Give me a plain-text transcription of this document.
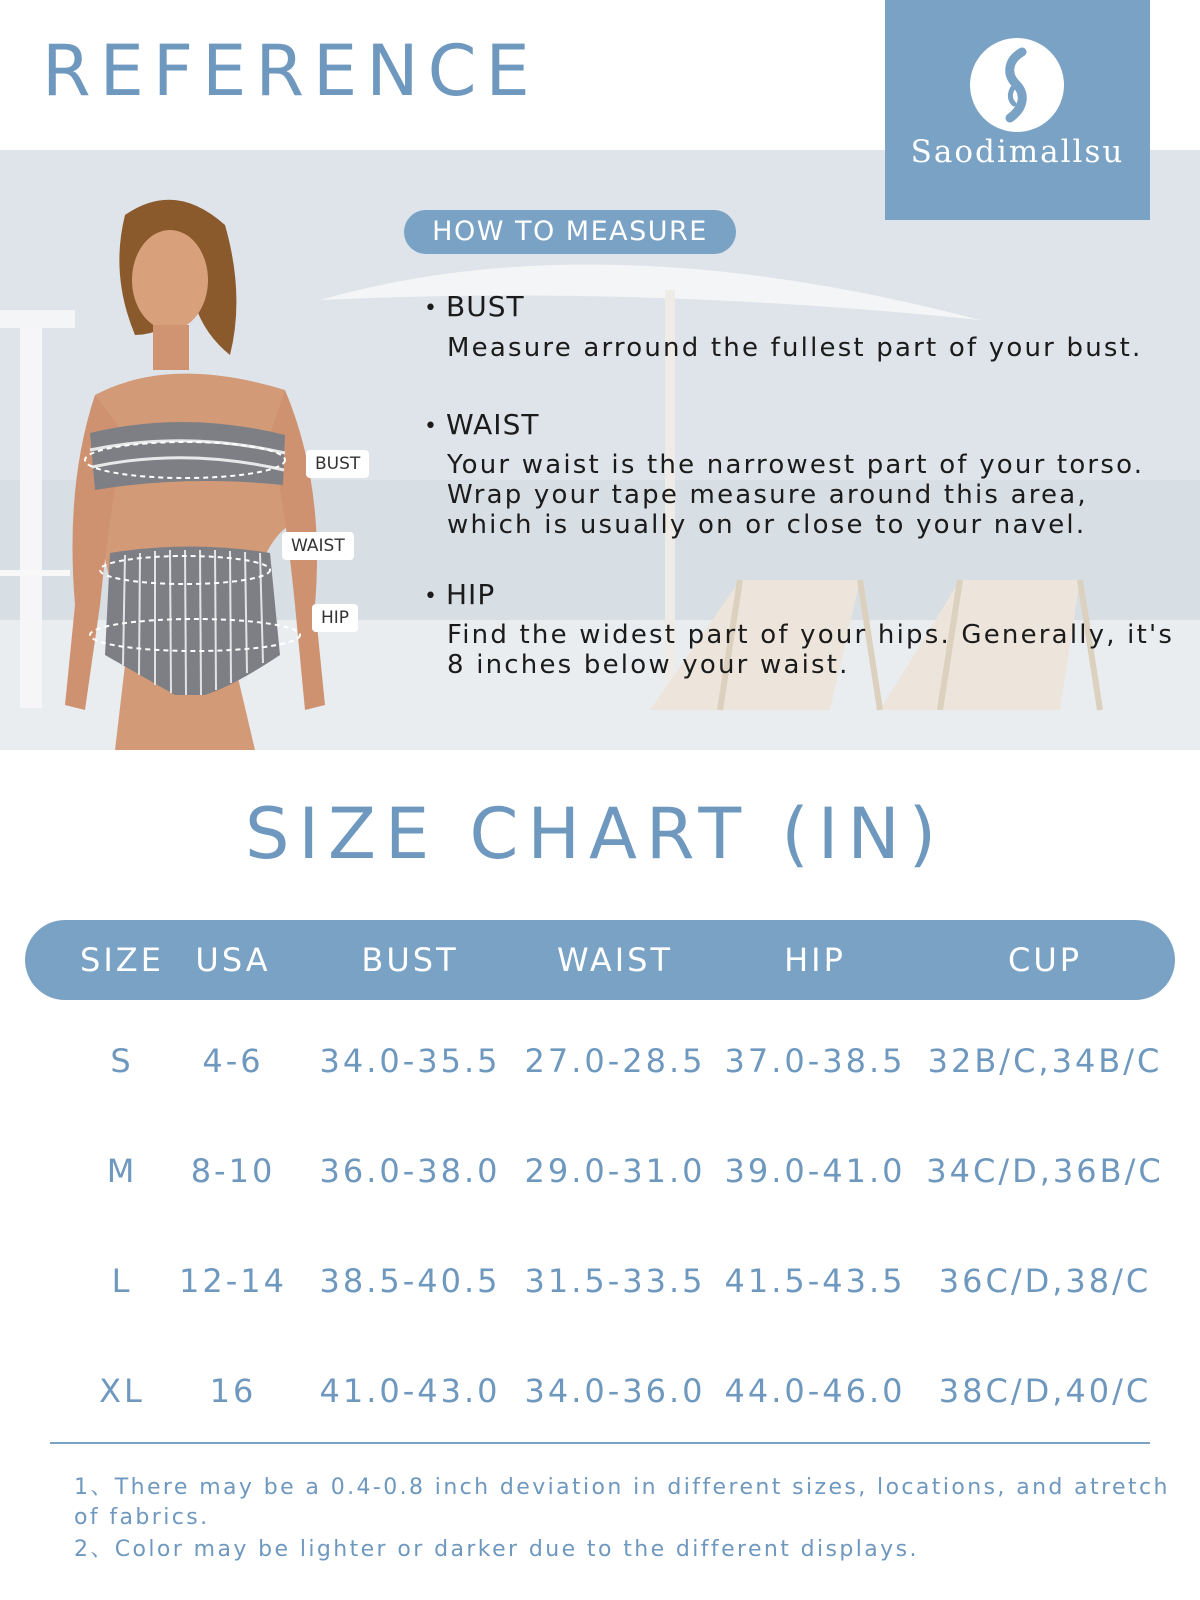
REFERENCE
Saodimallsu
BUST
WAIST
HIP
HOW TO MEASURE
• BUST
Measure arround the fullest part of your bust.
• WAIST
Your waist is the narrowest part of your torso.
Wrap your tape measure around this area,
which is usually on or close to your navel.
• HIP
Find the widest part of your hips. Generally, it's
8 inches below your waist.
SIZE CHART (IN)
SIZE USA	BUST	WAIST	HIP	CUP
S	4-6	34.0-35.5 27.0-28.5 37.0-38.5 32B/C,34B/C
M	8-10	36.0-38.0 29.0-31.0 39.0-41.0 34C/D,36B/C
L	12-14	38.5-40.5 31.5-33.5 41.5-43.5	36C/D,38/C
XL	16	41.0-43.0 34.0-36.0 44.0-46.0	38C/D,40/C
1、There may be a 0.4-0.8 inch deviation in different sizes, locations, and atretch
of fabrics.
2、Color may be lighter or darker due to the different displays.
